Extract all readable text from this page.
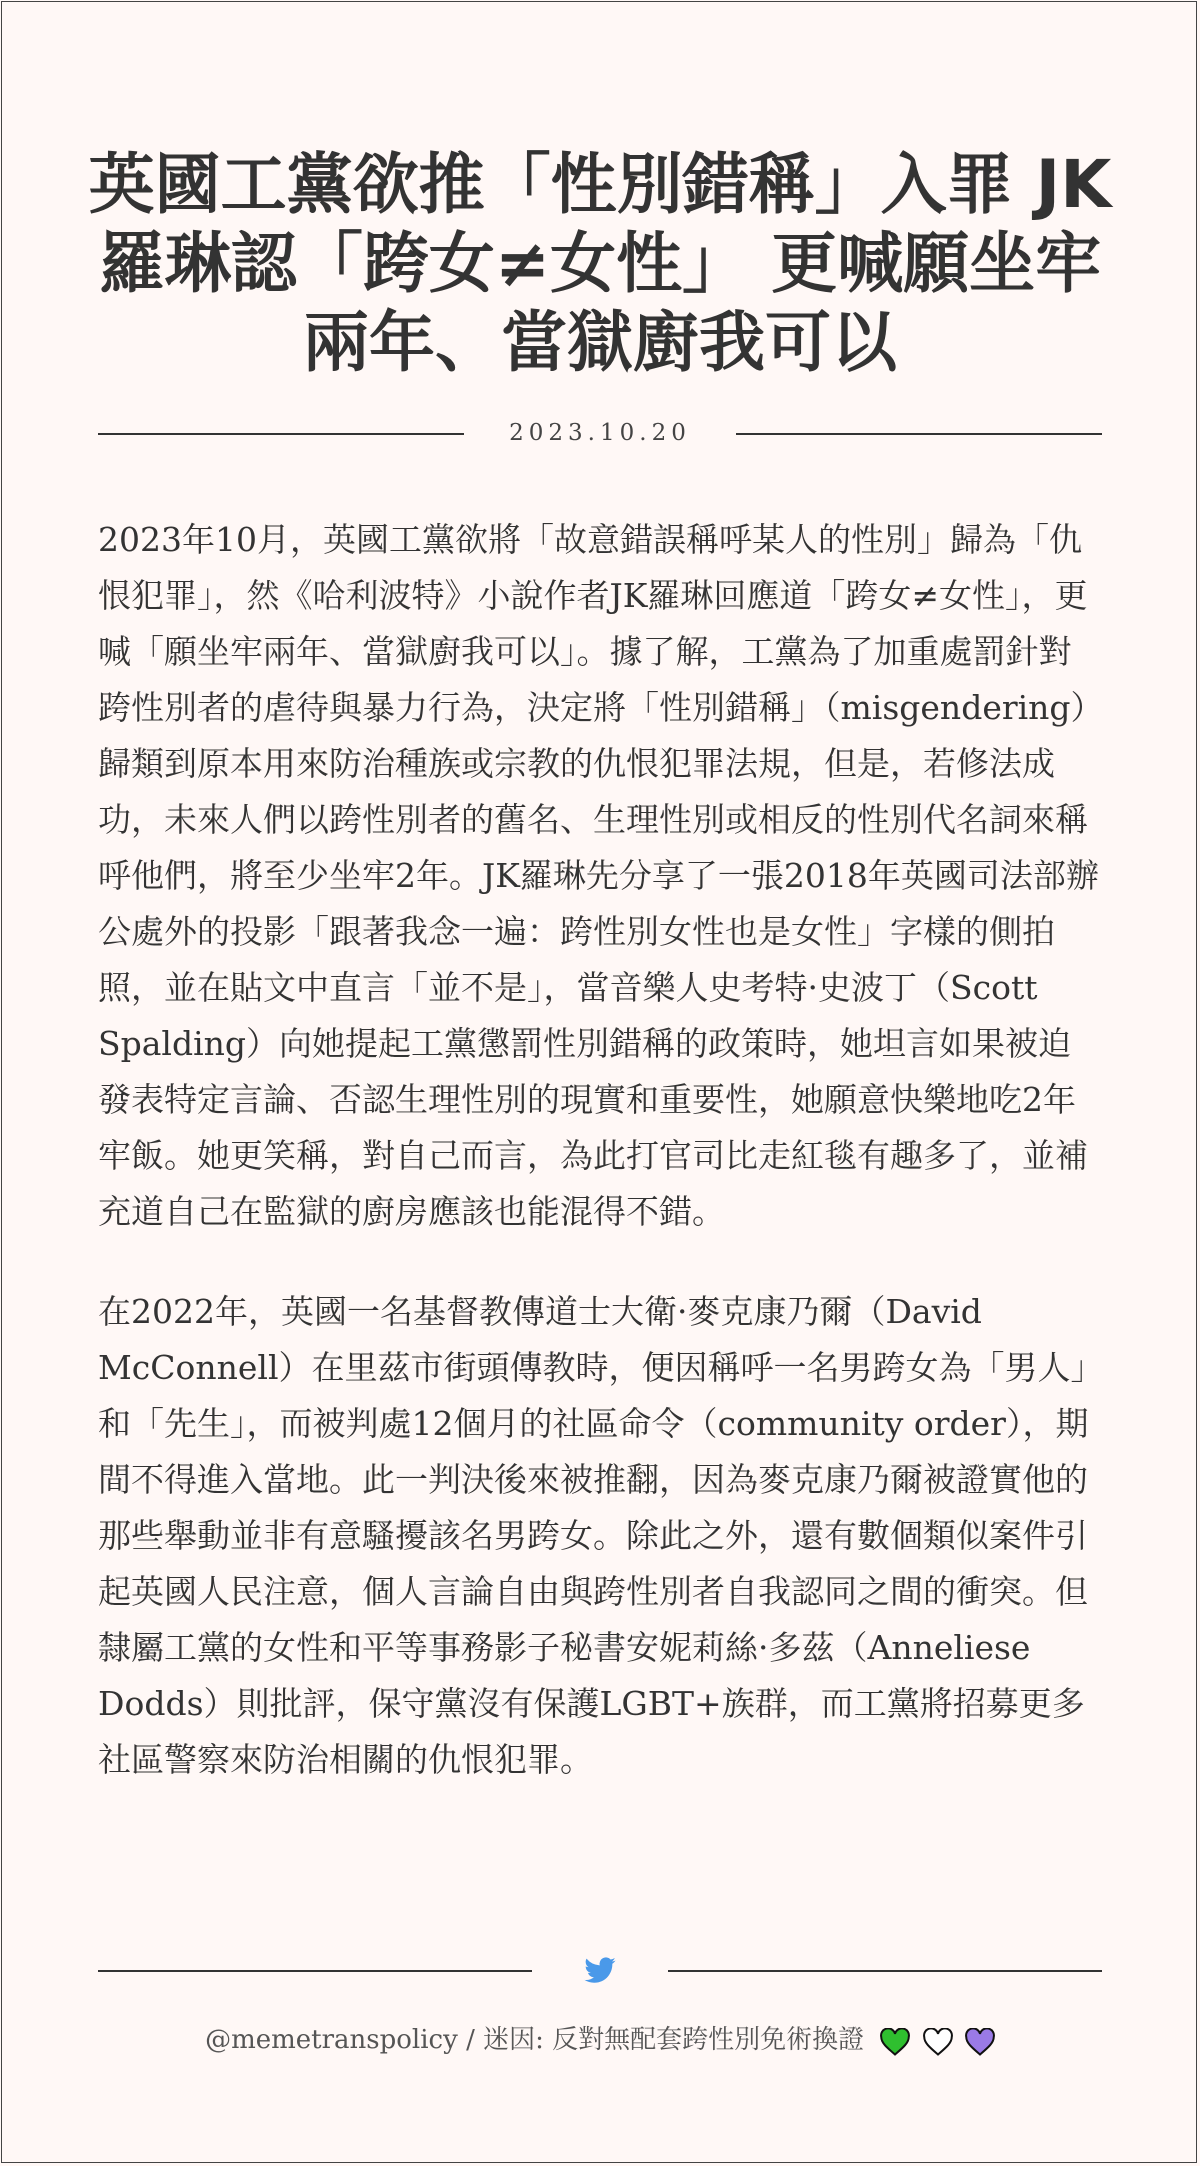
英國工黨欲推「性別錯稱」入罪 JK羅琳認「跨女≠女性」 更喊願坐牢兩年、當獄廚我可以
2023.10.20

2023年10月，英國工黨欲將「故意錯誤稱呼某人的性別」歸為「仇恨犯罪」，然《哈利波特》小說作者JK羅琳回應道「跨女≠女性」，更喊「願坐牢兩年、當獄廚我可以」。據了解，工黨為了加重處罰針對跨性別者的虐待與暴力行為，決定將「性別錯稱」（misgendering）歸類到原本用來防治種族或宗教的仇恨犯罪法規，但是，若修法成功，未來人們以跨性別者的舊名、生理性別或相反的性別代名詞來稱呼他們，將至少坐牢2年。JK羅琳先分享了一張2018年英國司法部辦公處外的投影「跟著我念一遍：跨性別女性也是女性」字樣的側拍照，並在貼文中直言「並不是」，當音樂人史考特·史波丁（Scott Spalding）向她提起工黨懲罰性別錯稱的政策時，她坦言如果被迫發表特定言論、否認生理性別的現實和重要性，她願意快樂地吃2年牢飯。她更笑稱，對自己而言，為此打官司比走紅毯有趣多了，並補充道自己在監獄的廚房應該也能混得不錯。

在2022年，英國一名基督教傳道士大衛·麥克康乃爾（David McConnell）在里茲市街頭傳教時，便因稱呼一名男跨女為「男人」和「先生」，而被判處12個月的社區命令（community order），期間不得進入當地。此一判決後來被推翻，因為麥克康乃爾被證實他的那些舉動並非有意騷擾該名男跨女。除此之外，還有數個類似案件引起英國人民注意，個人言論自由與跨性別者自我認同之間的衝突。但隸屬工黨的女性和平等事務影子秘書安妮莉絲·多茲（Anneliese Dodds）則批評，保守黨沒有保護LGBT+族群，而工黨將招募更多社區警察來防治相關的仇恨犯罪。

@memetranspolicy / 迷因: 反對無配套跨性別免術換證
